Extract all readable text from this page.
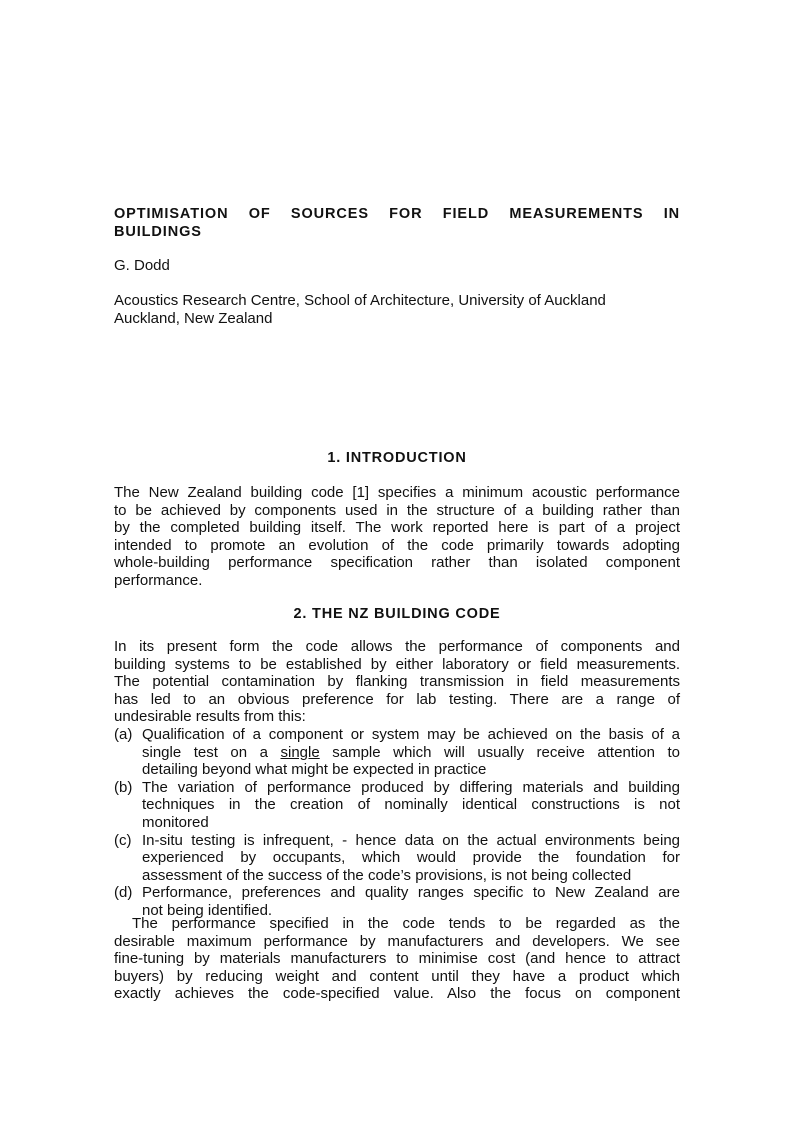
OPTIMISATION OF SOURCES FOR FIELD MEASUREMENTS IN
BUILDINGS
G. Dodd
Acoustics Research Centre, School of Architecture, University of Auckland
Auckland, New Zealand
1. INTRODUCTION
The New Zealand building code [1] specifies a minimum acoustic performance
to be achieved by components used in the structure of a building rather than
by the completed building itself. The work reported here is part of a project
intended to promote an evolution of the code primarily towards adopting
whole-building performance specification rather than isolated component
performance.
2. THE NZ BUILDING CODE
In its present form the code allows the performance of components and
building systems to be established by either laboratory or field measurements.
The potential contamination by flanking transmission in field measurements
has led to an obvious preference for lab testing. There are a range of
undesirable results from this:
(a) Qualification of a component or system may be achieved on the basis of a
single test on a single sample which will usually receive attention to
detailing beyond what might be expected in practice
(b) The variation of performance produced by differing materials and building
techniques in the creation of nominally identical constructions is not
monitored
(c) In-situ testing is infrequent, - hence data on the actual environments being
experienced by occupants, which would provide the foundation for
assessment of the success of the code’s provisions, is not being collected
(d) Performance, preferences and quality ranges specific to New Zealand are
not being identified.
The performance specified in the code tends to be regarded as the
desirable maximum performance by manufacturers and developers. We see
fine-tuning by materials manufacturers to minimise cost (and hence to attract
buyers) by reducing weight and content until they have a product which
exactly achieves the code-specified value. Also the focus on component
